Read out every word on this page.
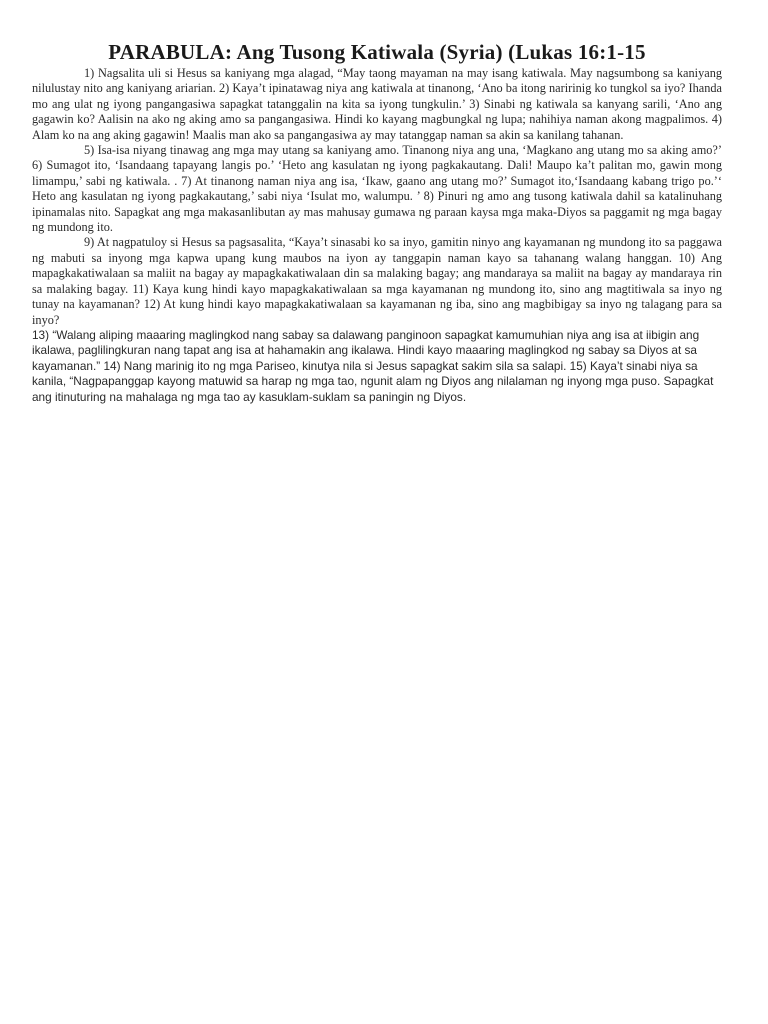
PARABULA: Ang Tusong Katiwala (Syria) (Lukas 16:1-15

1) Nagsalita uli si Hesus sa kaniyang mga alagad, “May taong mayaman na may isang katiwala. May nagsumbong sa kaniyang nilulustay nito ang kaniyang ariarian. 2) Kaya’t ipinatawag niya ang katiwala at tinanong, ‘Ano ba itong naririnig ko tungkol sa iyo? Ihanda mo ang ulat ng iyong pangangasiwa sapagkat tatanggalin na kita sa iyong tungkulin.’ 3) Sinabi ng katiwala sa kanyang sarili, ‘Ano ang gagawin ko? Aalisin na ako ng aking amo sa pangangasiwa. Hindi ko kayang magbungkal ng lupa; nahihiya naman akong magpalimos. 4) Alam ko na ang aking gagawin! Maalis man ako sa pangangasiwa ay may tatanggap naman sa akin sa kanilang tahanan.

5) Isa-isa niyang tinawag ang mga may utang sa kaniyang amo. Tinanong niya ang una, ‘Magkano ang utang mo sa aking amo?’ 6) Sumagot ito, ‘Isandaang tapayang langis po.’ ‘Heto ang kasulatan ng iyong pagkakautang. Dali! Maupo ka’t palitan mo, gawin mong limampu,’ sabi ng katiwala. . 7) At tinanong naman niya ang isa, ‘Ikaw, gaano ang utang mo?’ Sumagot ito,‘Isandaang kabang trigo po.’‘ Heto ang kasulatan ng iyong pagkakautang,’ sabi niya ‘Isulat mo, walumpu. ’ 8) Pinuri ng amo ang tusong katiwala dahil sa katalinuhang ipinamalas nito. Sapagkat ang mga makasanlibutan ay mas mahusay gumawa ng paraan kaysa mga maka-Diyos sa paggamit ng mga bagay ng mundong ito.

9) At nagpatuloy si Hesus sa pagsasalita, “Kaya’t sinasabi ko sa inyo, gamitin ninyo ang kayamanan ng mundong ito sa paggawa ng mabuti sa inyong mga kapwa upang kung maubos na iyon ay tanggapin naman kayo sa tahanang walang hanggan. 10) Ang mapagkakatiwalaan sa maliit na bagay ay mapagkakatiwalaan din sa malaking bagay; ang mandaraya sa maliit na bagay ay mandaraya rin sa malaking bagay. 11) Kaya kung hindi kayo mapagkakatiwalaan sa mga kayamanan ng mundong ito, sino ang magtitiwala sa inyo ng tunay na kayamanan? 12) At kung hindi kayo mapagkakatiwalaan sa kayamanan ng iba, sino ang magbibigay sa inyo ng talagang para sa inyo?

13) “Walang aliping maaaring maglingkod nang sabay sa dalawang panginoon sapagkat kamumuhian niya ang isa at iibigin ang ikalawa, paglilingkuran nang tapat ang isa at hahamakin ang ikalawa. Hindi kayo maaaring maglingkod ng sabay sa Diyos at sa kayamanan.” 14) Nang marinig ito ng mga Pariseo, kinutya nila si Jesus sapagkat sakim sila sa salapi. 15) Kaya’t sinabi niya sa kanila, “Nagpapanggap kayong matuwid sa harap ng mga tao, ngunit alam ng Diyos ang nilalaman ng inyong mga puso. Sapagkat ang itinuturing na mahalaga ng mga tao ay kasuklam-suklam sa paningin ng Diyos.
